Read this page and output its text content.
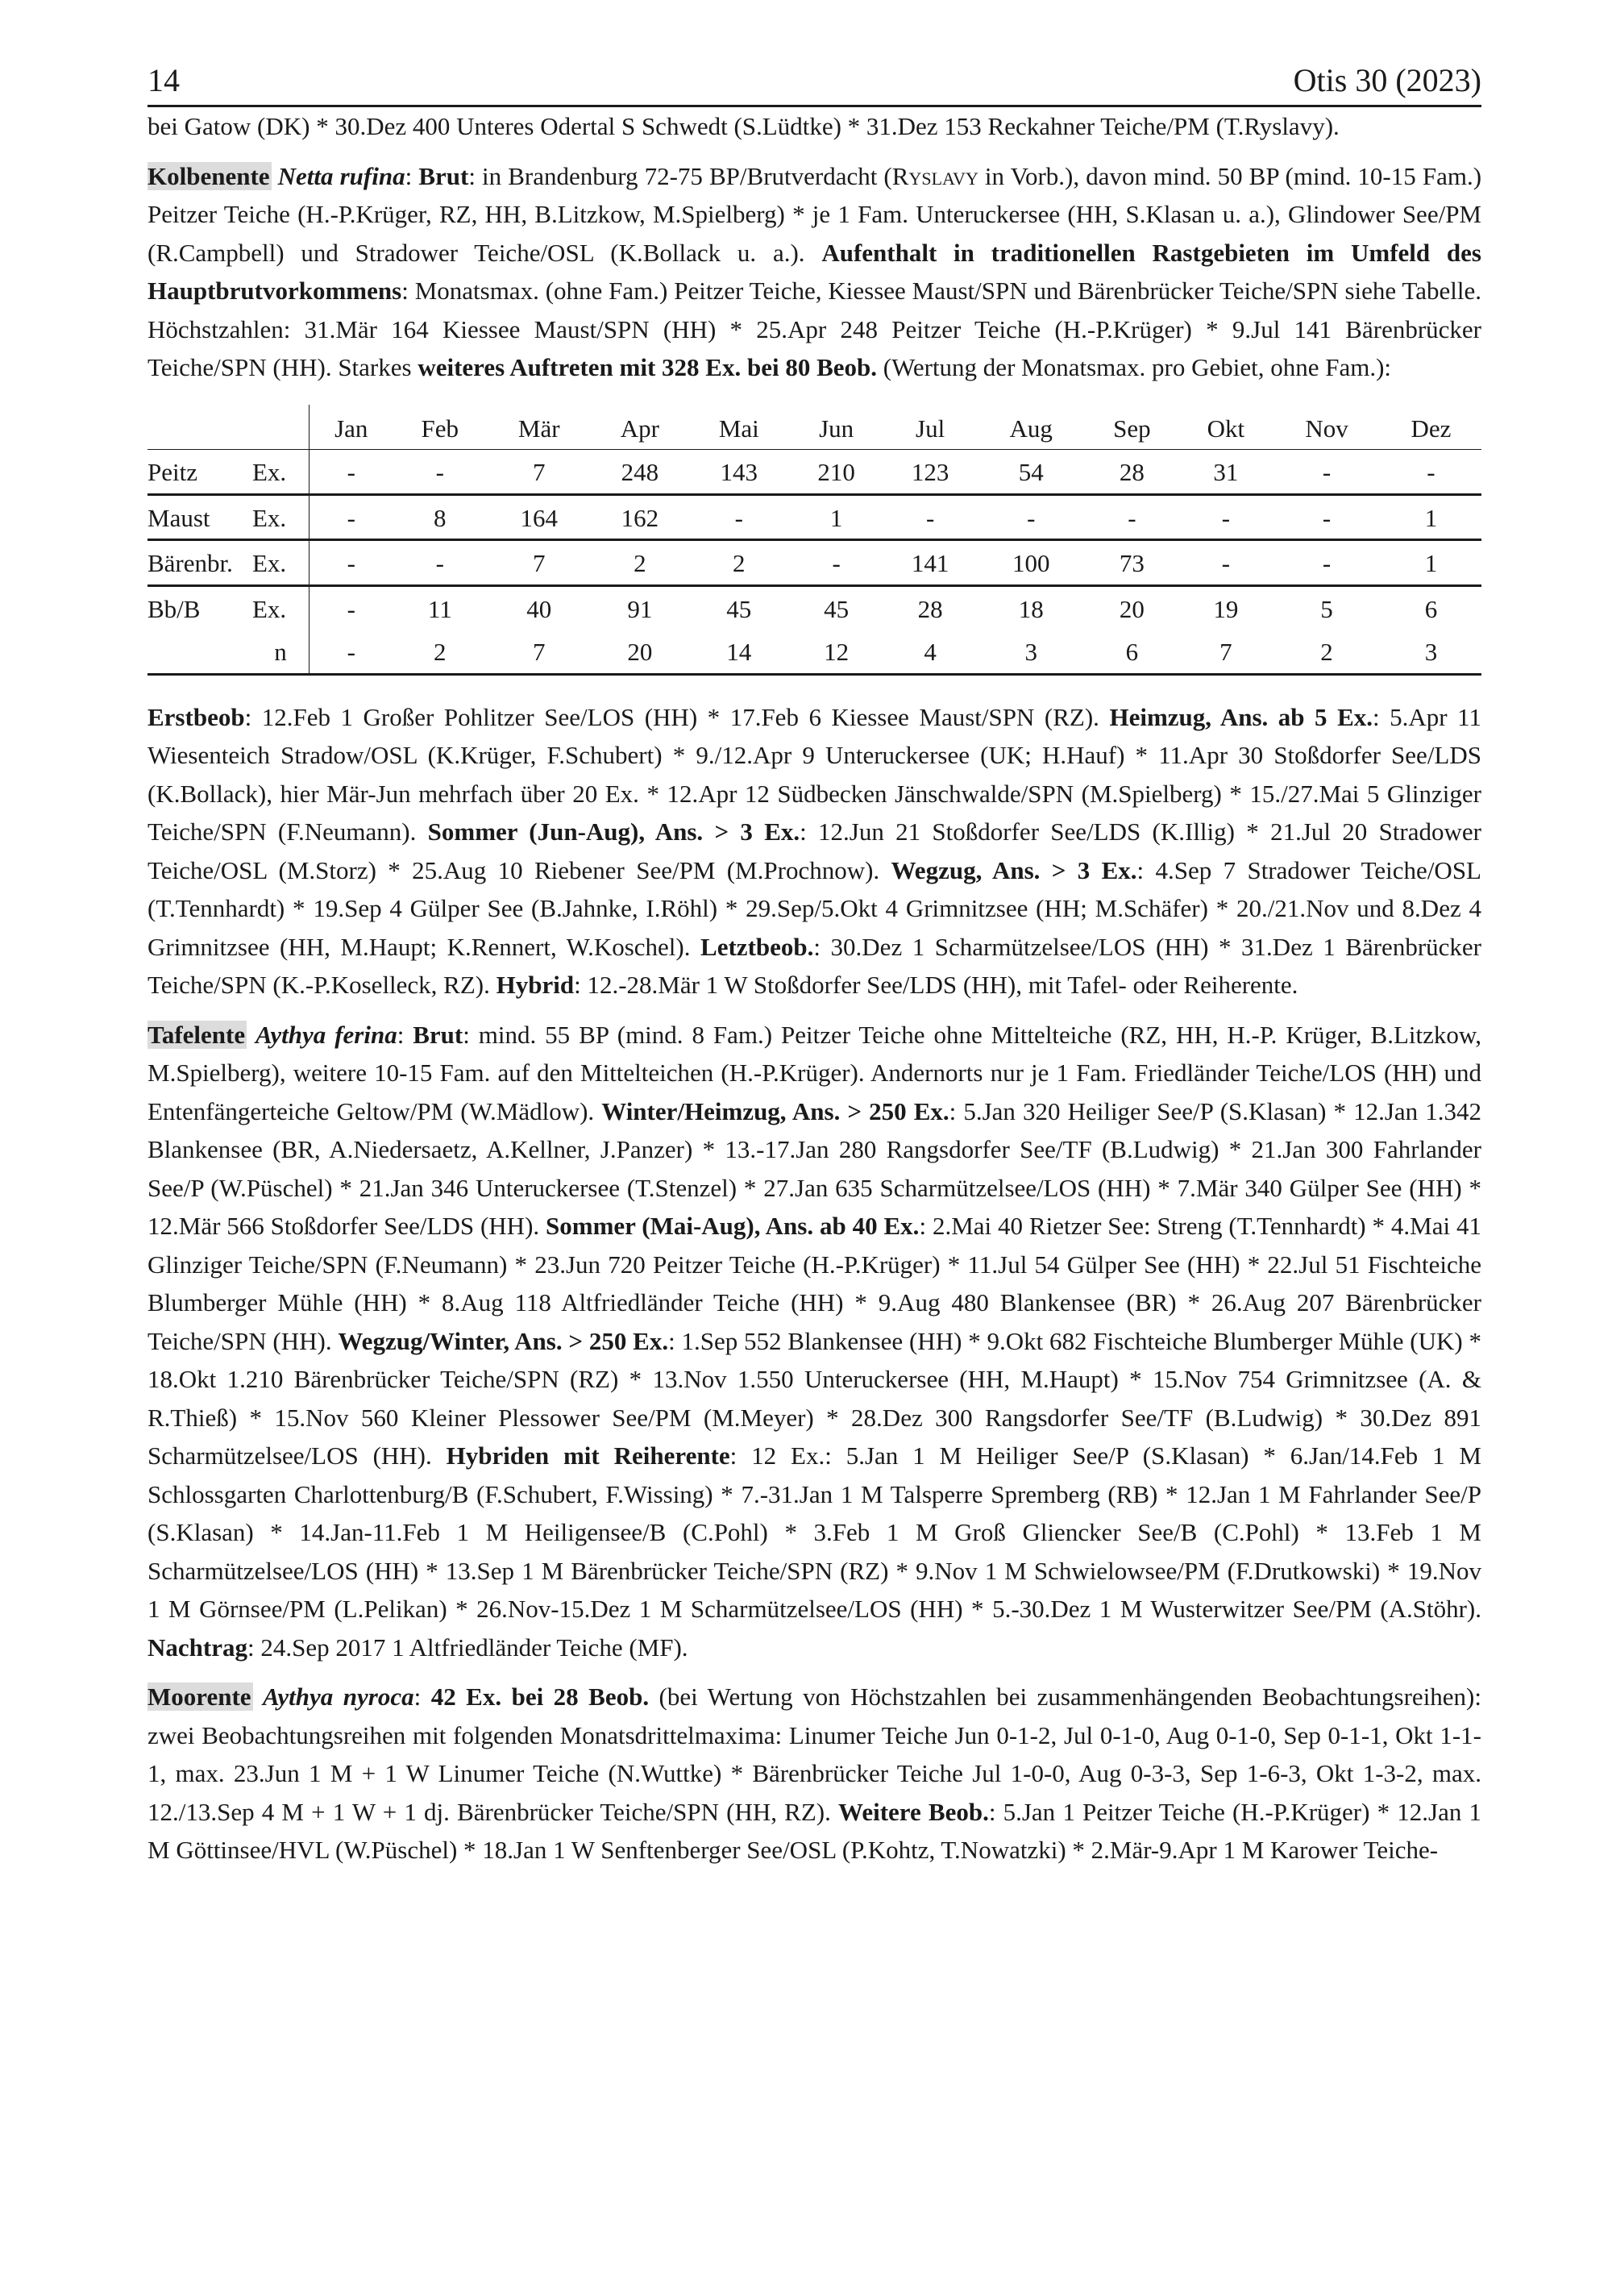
14	Otis 30 (2023)

bei Gatow (DK) * 30.Dez 400 Unteres Odertal S Schwedt (S.Lüdtke) * 31.Dez 153 Reckahner Teiche/PM (T.Ryslavy).

Kolbenente Netta rufina: Brut: in Brandenburg 72-75 BP/Brutverdacht (Ryslavy in Vorb.), davon mind. 50 BP (mind. 10-15 Fam.) Peitzer Teiche (H.-P.Krüger, RZ, HH, B.Litzkow, M.Spielberg) * je 1 Fam. Unteruckersee (HH, S.Klasan u. a.), Glindower See/PM (R.Campbell) und Stradower Teiche/OSL (K.Bollack u. a.). Aufenthalt in traditionellen Rastgebieten im Umfeld des Hauptbrutvorkommens: Monatsmax. (ohne Fam.) Peitzer Teiche, Kiessee Maust/SPN und Bärenbrücker Teiche/SPN siehe Tabelle. Höchstzahlen: 31.Mär 164 Kiessee Maust/SPN (HH) * 25.Apr 248 Peitzer Teiche (H.-P.Krüger) * 9.Jul 141 Bärenbrücker Teiche/SPN (HH). Starkes weiteres Auftreten mit 328 Ex. bei 80 Beob. (Wertung der Monatsmax. pro Gebiet, ohne Fam.):

			Jan	Feb	Mär	Apr	Mai	Jun	Jul	Aug	Sep	Okt	Nov	Dez
Peitz	Ex.		-	-	7	248	143	210	123	54	28	31	-	-
Maust	Ex.		-	8	164	162	-	1	-	-	-	-	-	1
Bärenbr.	Ex.		-	-	7	2	2	-	141	100	73	-	-	1
Bb/B	Ex.		-	11	40	91	45	45	28	18	20	19	5	6
	n		-	2	7	20	14	12	4	3	6	7	2	3

Erstbeob: 12.Feb 1 Großer Pohlitzer See/LOS (HH) * 17.Feb 6 Kiessee Maust/SPN (RZ). Heimzug, Ans. ab 5 Ex.: 5.Apr 11 Wiesenteich Stradow/OSL (K.Krüger, F.Schubert) * 9./12.Apr 9 Unteruckersee (UK; H.Hauf) * 11.Apr 30 Stoßdorfer See/LDS (K.Bollack), hier Mär-Jun mehrfach über 20 Ex. * 12.Apr 12 Südbecken Jänschwalde/SPN (M.Spielberg) * 15./27.Mai 5 Glinziger Teiche/SPN (F.Neumann). Sommer (Jun-Aug), Ans. > 3 Ex.: 12.Jun 21 Stoßdorfer See/LDS (K.Illig) * 21.Jul 20 Stradower Teiche/OSL (M.Storz) * 25.Aug 10 Riebener See/PM (M.Prochnow). Wegzug, Ans. > 3 Ex.: 4.Sep 7 Stradower Teiche/OSL (T.Tennhardt) * 19.Sep 4 Gülper See (B.Jahnke, I.Röhl) * 29.Sep/5.Okt 4 Grimnitzsee (HH; M.Schäfer) * 20./21.Nov und 8.Dez 4 Grimnitzsee (HH, M.Haupt; K.Rennert, W.Koschel). Letztbeob.: 30.Dez 1 Scharmützelsee/LOS (HH) * 31.Dez 1 Bärenbrücker Teiche/SPN (K.-P.Koselleck, RZ). Hybrid: 12.-28.Mär 1 W Stoßdorfer See/​LDS (HH), mit Tafel- oder Reiherente.

Tafelente Aythya ferina: Brut: mind. 55 BP (mind. 8 Fam.) Peitzer Teiche ohne Mittelteiche (RZ, HH, H.-P. Krüger, B.Litzkow, M.Spielberg), weitere 10-15 Fam. auf den Mittelteichen (H.-P.Krüger). Andernorts nur je 1 Fam. Friedländer Teiche/LOS (HH) und Entenfängerteiche Geltow/PM (W.Mädlow). Winter/Heimzug, Ans. > 250 Ex.: 5.Jan 320 Heiliger See/P (S.Klasan) * 12.Jan 1.342 Blankensee (BR, A.Niedersaetz, A.Kellner, J.Panzer) * 13.-17.Jan 280 Rangsdorfer See/TF (B.Ludwig) * 21.Jan 300 Fahrlander See/P (W.Püschel) * 21.Jan 346 Unteruckersee (T.Stenzel) * 27.Jan 635 Scharmützelsee/LOS (HH) * 7.Mär 340 Gülper See (HH) * 12.Mär 566 Stoßdorfer See/LDS (HH). Sommer (Mai-Aug), Ans. ab 40 Ex.: 2.Mai 40 Rietzer See: Streng (T.Tennhardt) * 4.Mai 41 Glinziger Teiche/SPN (F.Neumann) * 23.Jun 720 Peitzer Teiche (H.-P.Krüger) * 11.Jul 54 Gülper See (HH) * 22.Jul 51 Fischteiche Blumberger Mühle (HH) * 8.Aug 118 Altfriedländer Teiche (HH) * 9.Aug 480 Blankensee (BR) * 26.Aug 207 Bärenbrücker Teiche/SPN (HH). Wegzug/Winter, Ans. > 250 Ex.: 1.Sep 552 Blankensee (HH) * 9.Okt 682 Fischteiche Blumberger Mühle (UK) * 18.Okt 1.210 Bärenbrücker Teiche/SPN (RZ) * 13.Nov 1.550 Unteruckersee (HH, M.Haupt) * 15.Nov 754 Grimnitzsee (A. & R.Thieß) * 15.Nov 560 Kleiner Plessower See/PM (M.Meyer) * 28.Dez 300 Rangsdorfer See/TF (B.Ludwig) * 30.Dez 891 Scharmützelsee/LOS (HH). Hybriden mit Reiherente: 12 Ex.: 5.Jan 1 M Heiliger See/P (S.Klasan) * 6.Jan/14.Feb 1 M Schlossgarten Charlottenburg/B (F.Schubert, F.Wissing) * 7.-31.Jan 1 M Talsperre Spremberg (RB) * 12.Jan 1 M Fahrlander See/P (S.Klasan) * 14.Jan-11.Feb 1 M Heiligensee/B (C.Pohl) * 3.Feb 1 M Groß Gliencker See/B (C.Pohl) * 13.Feb 1 M Scharmützelsee/LOS (HH) * 13.Sep 1 M Bärenbrücker Teiche/SPN (RZ) * 9.Nov 1 M Schwielowsee/PM (F.Drutkowski) * 19.Nov 1 M Görnsee/PM (L.Pelikan) * 26.Nov-15.Dez 1 M Scharmützelsee/LOS (HH) * 5.-30.Dez 1 M Wusterwitzer See/PM (A.Stöhr). Nachtrag: 24.Sep 2017 1 Altfriedländer Teiche (MF).

Moorente Aythya nyroca: 42 Ex. bei 28 Beob. (bei Wertung von Höchstzahlen bei zusammenhängenden Beobachtungsreihen): zwei Beobachtungsreihen mit folgenden Monatsdrittelmaxima: Linumer Teiche Jun 0-1-2, Jul 0-1-0, Aug 0-1-0, Sep 0-1-1, Okt 1-1-1, max. 23.Jun 1 M + 1 W Linumer Teiche (N.Wuttke) * Bärenbrücker Teiche Jul 1-0-0, Aug 0-3-3, Sep 1-6-3, Okt 1-3-2, max. 12./13.Sep 4 M + 1 W + 1 dj. Bärenbrücker Teiche/SPN (HH, RZ). Weitere Beob.: 5.Jan 1 Peitzer Teiche (H.-P.Krüger) * 12.Jan 1 M Göttinsee/HVL (W.Püschel) * 18.Jan 1 W Senftenberger See/OSL (P.Kohtz, T.Nowatzki) * 2.Mär-9.Apr 1 M Karower Teiche-
